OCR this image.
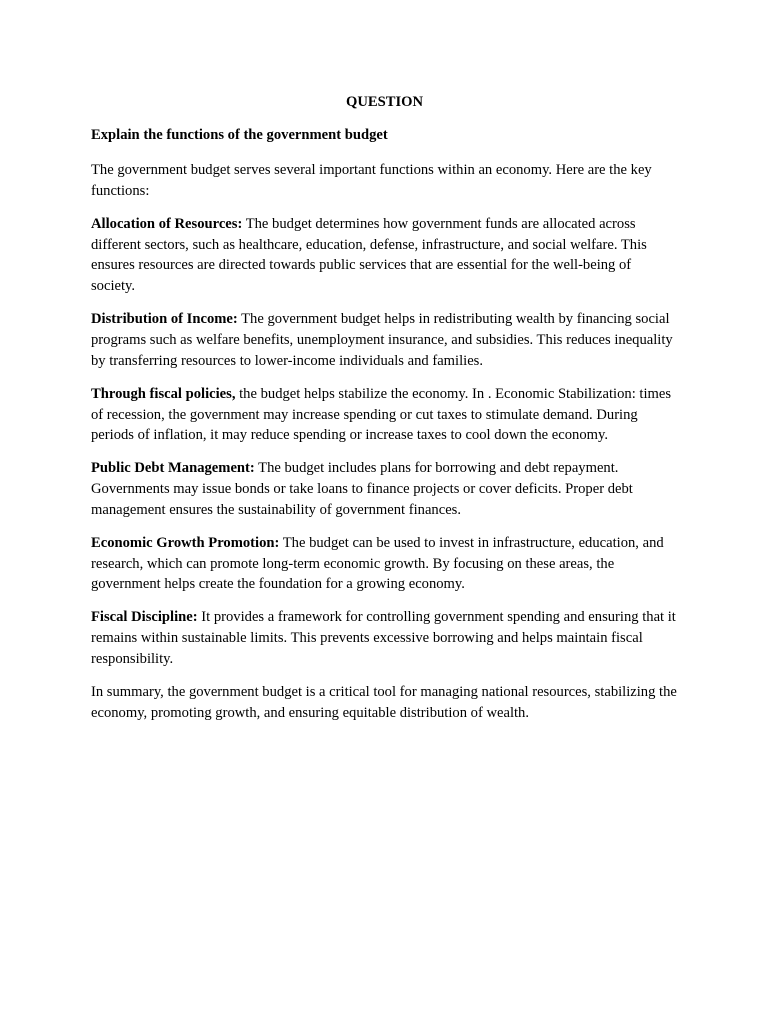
QUESTION
Explain the functions of the government budget

The government budget serves several important functions within an economy. Here are the key functions:

Allocation of Resources: The budget determines how government funds are allocated across different sectors, such as healthcare, education, defense, infrastructure, and social welfare. This ensures resources are directed towards public services that are essential for the well-being of society.

Distribution of Income: The government budget helps in redistributing wealth by financing social programs such as welfare benefits, unemployment insurance, and subsidies. This reduces inequality by transferring resources to lower-income individuals and families.

Through fiscal policies, the budget helps stabilize the economy. In . Economic Stabilization: times of recession, the government may increase spending or cut taxes to stimulate demand. During periods of inflation, it may reduce spending or increase taxes to cool down the economy.

Public Debt Management: The budget includes plans for borrowing and debt repayment. Governments may issue bonds or take loans to finance projects or cover deficits. Proper debt management ensures the sustainability of government finances.

Economic Growth Promotion: The budget can be used to invest in infrastructure, education, and research, which can promote long-term economic growth. By focusing on these areas, the government helps create the foundation for a growing economy.

Fiscal Discipline: It provides a framework for controlling government spending and ensuring that it remains within sustainable limits. This prevents excessive borrowing and helps maintain fiscal responsibility.

In summary, the government budget is a critical tool for managing national resources, stabilizing the economy, promoting growth, and ensuring equitable distribution of wealth.
